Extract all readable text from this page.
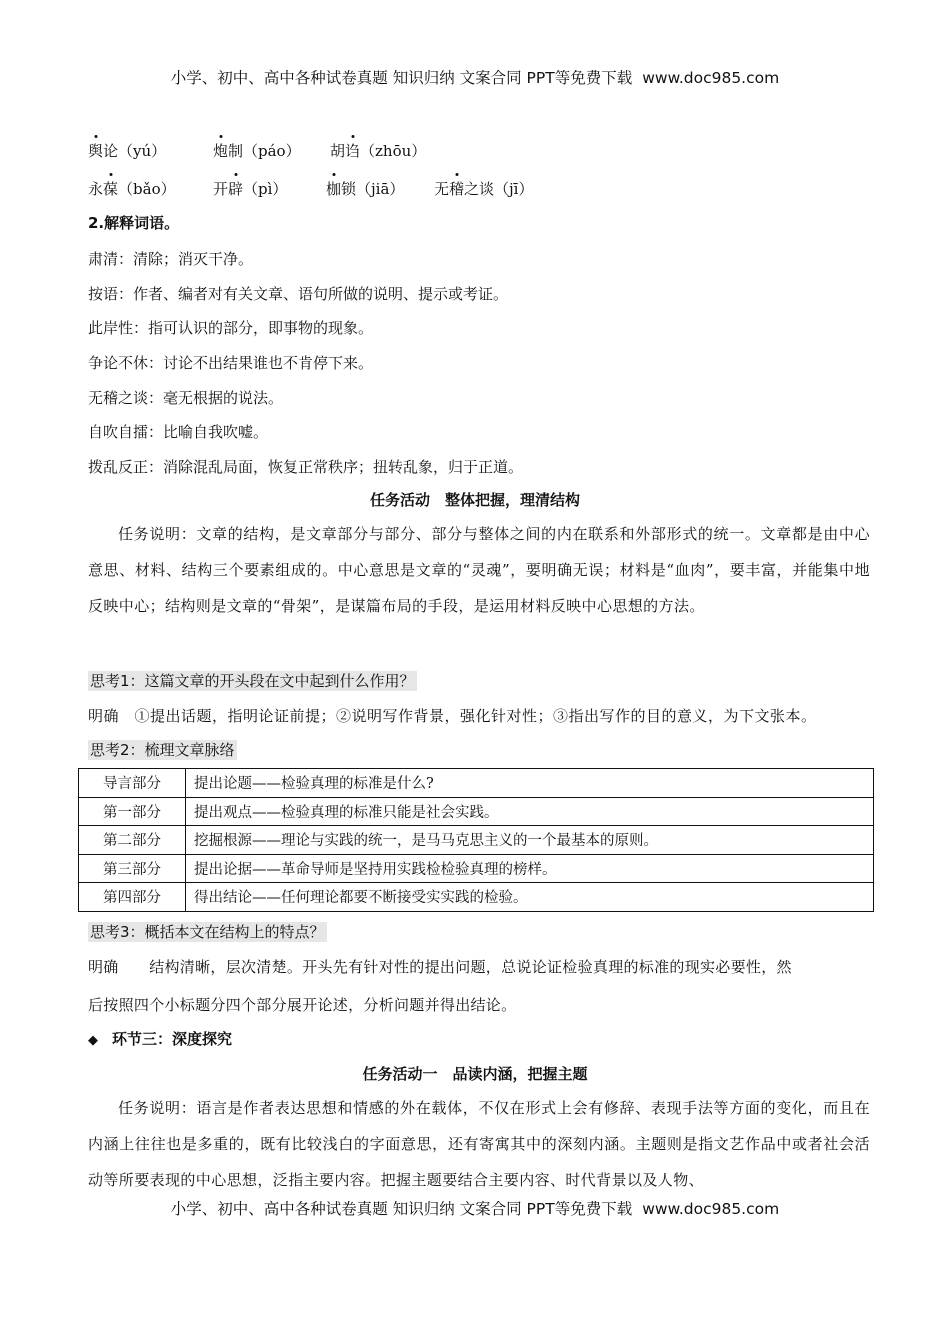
小学、初中、高中各种试卷真题 知识归纳 文案合同 PPT等免费下载 www.doc985.com
舆论（yú）	炮制（páo） 胡诌（zhōu）
永葆（bǎo） 开辟（pì）	枷锁（jiā） 无稽之谈（jī）
2.解释词语。
肃清：清除；消灭干净。
按语：作者、编者对有关文章、语句所做的说明、提示或考证。
此岸性：指可认识的部分，即事物的现象。
争论不休：讨论不出结果谁也不肯停下来。
无稽之谈：毫无根据的说法。
自吹自擂：比喻自我吹嘘。
拨乱反正：消除混乱局面，恢复正常秩序；扭转乱象，归于正道。
任务活动　整体把握，理清结构
任务说明：文章的结构，是文章部分与部分、部分与整体之间的内在联系和外部形式的统一。文章都是由中心意思、材料、结构三个要素组成的。中心意思是文章的“灵魂”，要明确无误；材料是“血肉”，要丰富，并能集中地反映中心；结构则是文章的“骨架”，是谋篇布局的手段，是运用材料反映中心思想的方法。
思考1：这篇文章的开头段在文中起到什么作用？
明确　①提出话题，指明论证前提；②说明写作背景，强化针对性；③指出写作的目的意义，为下文张本。
思考2：梳理文章脉络
导言部分	提出论题——检验真理的标准是什么?
第一部分	提出观点——检验真理的标准只能是社会实践。
第二部分	挖掘根源——理论与实践的统一，是马马克思主义的一个最基本的原则。
第三部分	提出论据——革命导师是坚持用实践检检验真理的榜样。
第四部分	得出结论——任何理论都要不断接受实实践的检验。
思考3：概括本文在结构上的特点？
明确　　结构清晰，层次清楚。开头先有针对性的提出问题，总说论证检验真理的标准的现实必要性，然
后按照四个小标题分四个部分展开论述，分析问题并得出结论。
◆ 环节三：深度探究
任务活动一　品读内涵，把握主题
任务说明：语言是作者表达思想和情感的外在载体，不仅在形式上会有修辞、表现手法等方面的变化，而且在内涵上往往也是多重的，既有比较浅白的字面意思，还有寄寓其中的深刻内涵。主题则是指文艺作品中或者社会活动等所要表现的中心思想，泛指主要内容。把握主题要结合主要内容、时代背景以及人物、
小学、初中、高中各种试卷真题 知识归纳 文案合同 PPT等免费下载 www.doc985.com
